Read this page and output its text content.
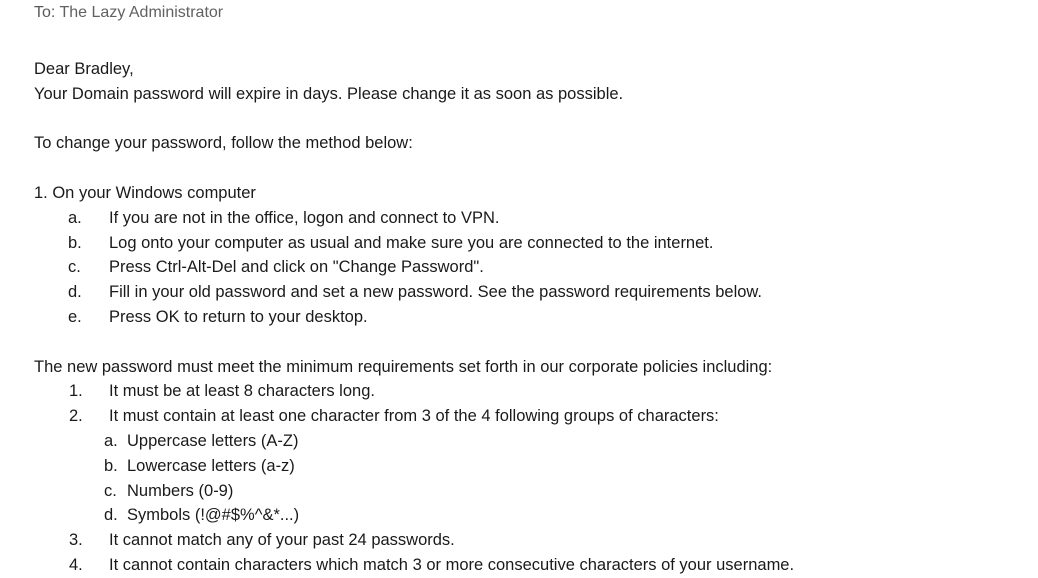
To: The Lazy Administrator
Dear Bradley,
Your Domain password will expire in days. Please change it as soon as possible.
To change your password, follow the method below:
1. On your Windows computer
a. If you are not in the office, logon and connect to VPN.
b. Log onto your computer as usual and make sure you are connected to the internet.
c. Press Ctrl-Alt-Del and click on "Change Password".
d. Fill in your old password and set a new password. See the password requirements below.
e. Press OK to return to your desktop.
The new password must meet the minimum requirements set forth in our corporate policies including:
1. It must be at least 8 characters long.
2. It must contain at least one character from 3 of the 4 following groups of characters:
a. Uppercase letters (A-Z)
b. Lowercase letters (a-z)
c. Numbers (0-9)
d. Symbols (!@#$%^&*...)
3. It cannot match any of your past 24 passwords.
4. It cannot contain characters which match 3 or more consecutive characters of your username.
